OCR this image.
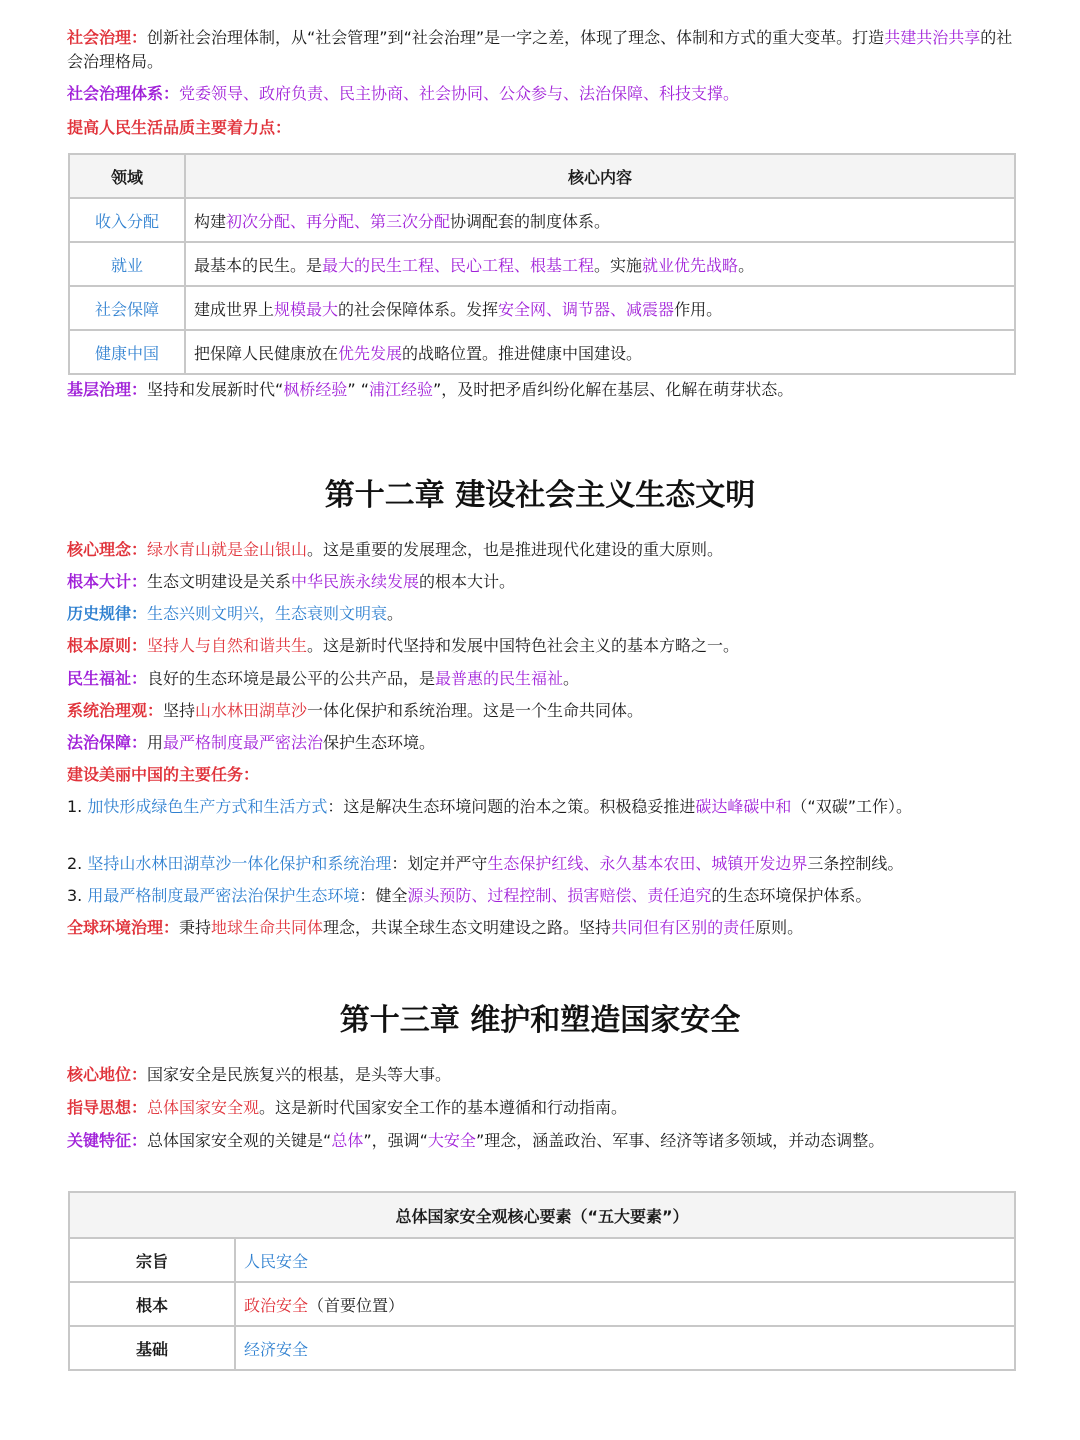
社会治理：创新社会治理体制，从“社会管理”到“社会治理”是一字之差，体现了理念、体制和方式的重大变革。打造共建共治共享的社会治理格局。
社会治理体系：党委领导、政府负责、民主协商、社会协同、公众参与、法治保障、科技支撑。
提高人民生活品质主要着力点：
领域	核心内容
收入分配	构建初次分配、再分配、第三次分配协调配套的制度体系。
就业	最基本的民生。是最大的民生工程、民心工程、根基工程。实施就业优先战略。
社会保障	建成世界上规模最大的社会保障体系。发挥安全网、调节器、减震器作用。
健康中国	把保障人民健康放在优先发展的战略位置。推进健康中国建设。
基层治理：坚持和发展新时代“枫桥经验” “浦江经验”，及时把矛盾纠纷化解在基层、化解在萌芽状态。
第十二章 建设社会主义生态文明
核心理念：绿水青山就是金山银山。这是重要的发展理念，也是推进现代化建设的重大原则。
根本大计：生态文明建设是关系中华民族永续发展的根本大计。
历史规律：生态兴则文明兴，生态衰则文明衰。
根本原则：坚持人与自然和谐共生。这是新时代坚持和发展中国特色社会主义的基本方略之一。
民生福祉：良好的生态环境是最公平的公共产品，是最普惠的民生福祉。
系统治理观：坚持山水林田湖草沙一体化保护和系统治理。这是一个生命共同体。
法治保障：用最严格制度最严密法治保护生态环境。
建设美丽中国的主要任务：
1. 加快形成绿色生产方式和生活方式：这是解决生态环境问题的治本之策。积极稳妥推进碳达峰碳中和（“双碳”工作）。
2. 坚持山水林田湖草沙一体化保护和系统治理：划定并严守生态保护红线、永久基本农田、城镇开发边界三条控制线。
3. 用最严格制度最严密法治保护生态环境：健全源头预防、过程控制、损害赔偿、责任追究的生态环境保护体系。
全球环境治理：秉持地球生命共同体理念，共谋全球生态文明建设之路。坚持共同但有区别的责任原则。
第十三章 维护和塑造国家安全
核心地位：国家安全是民族复兴的根基，是头等大事。
指导思想：总体国家安全观。这是新时代国家安全工作的基本遵循和行动指南。
关键特征：总体国家安全观的关键是“总体”，强调“大安全”理念，涵盖政治、军事、经济等诸多领域，并动态调整。
总体国家安全观核心要素（“五大要素”）	
宗旨	人民安全
根本	政治安全（首要位置）
基础	经济安全
